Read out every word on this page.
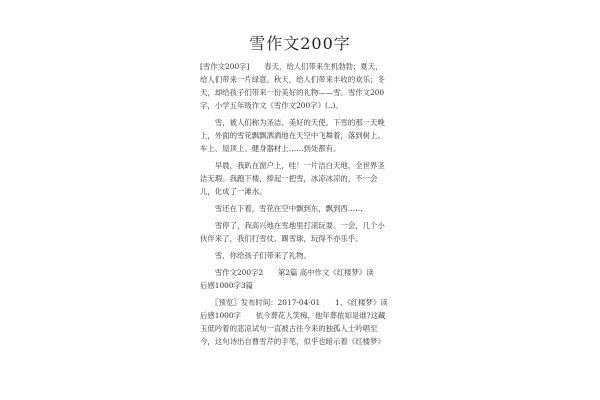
雪作文200字
[雪作文200字]　　春天，给人们带来生机勃勃；夏天，
给人们带来一片绿意。秋天，给人们带来丰收的欢乐；冬
天，却给孩子们带来一份美好的礼物——雪。雪作文200
字，小学五年级作文《雪作文200字》(..)。
　　雪，被人们称为圣洁、美好的天使。下雪的那一天晚
上，外面的雪花飘飘洒洒地在天空中飞舞着，落到树上、
车上、屋顶上、健身器材上……到处都有。
　　早晨，我趴在窗户上，哇！一片洁白天地，全世界圣
洁无瑕。我跑下楼，捧起一把雪，冰凉冰凉的，不一会
儿，化成了一滩水。
　　雪还在下着，雪花在空中飘到东，飘到西……
　　雪停了，我高兴地在雪地里打滚玩耍。一会，几个小
伙伴来了，我们打雪仗、踢雪球，玩得不亦乐乎。
　　雪，你给孩子们带来了礼物。
　　雪作文200字2　　第2篇 高中作文《红楼梦》读
后感1000字3篇
　　〖预览〗发布时间：2017-04-01　　1、《红楼梦》读
后感1000字　　依今葬花人笑痴，他年葬侬知是谁?这藏
玉低吟着的悲凉试句一直被古往今来的独孤人士吟唱至
今，这句诗出自曹雪芹的手笔，似乎也暗示着《红楼梦》
